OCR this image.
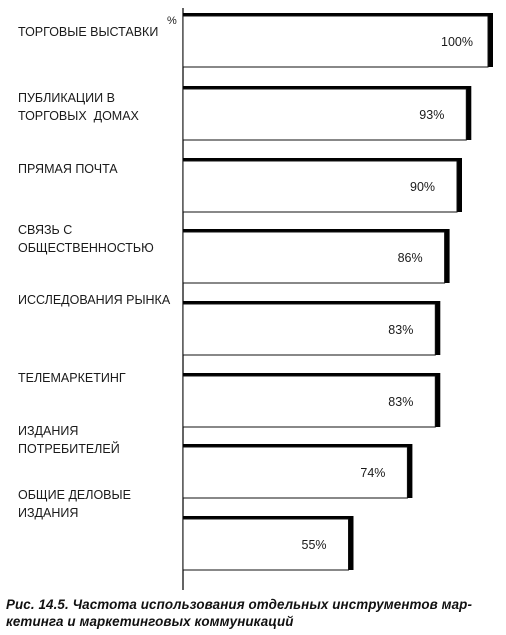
%
100%
ТОРГОВЫЕ ВЫСТАВКИ
93%
ПУБЛИКАЦИИ В
ТОРГОВЫХ  ДОМАХ
90%
ПРЯМАЯ ПОЧТА
86%
СВЯЗЬ С
ОБЩЕСТВЕННОСТЬЮ
83%
ИССЛЕДОВАНИЯ РЫНКА
83%
ТЕЛЕМАРКЕТИНГ
74%
ИЗДАНИЯ
ПОТРЕБИТЕЛЕЙ
55%
ОБЩИЕ ДЕЛОВЫЕ
ИЗДАНИЯ
Рис. 14.5. Частота использования отдельных инструментов мар-
кетинга и маркетинговых коммуникаций
